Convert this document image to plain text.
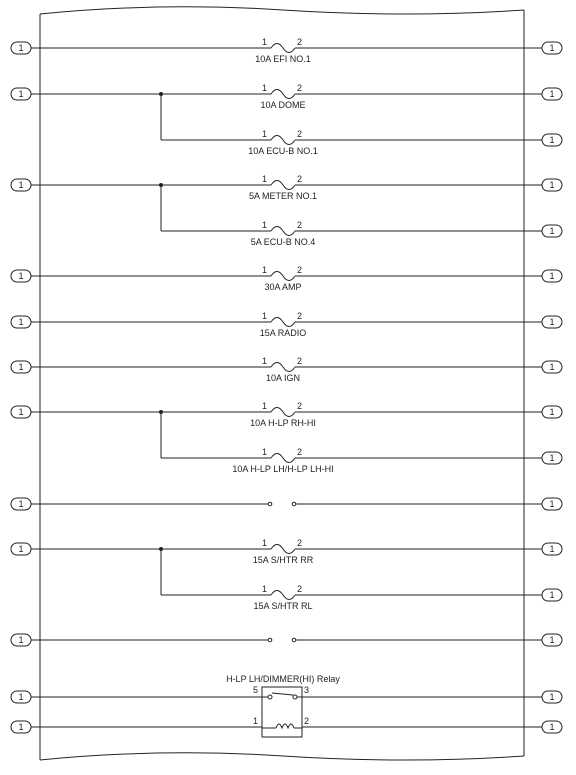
1	2
10A EFI NO.1
1	2
10A DOME
1	2
10A ECU-B NO.1
1	2
5A METER NO.1
1	2
5A ECU-B NO.4
1	2
30A AMP
1	2
15A RADIO
1	2
10A IGN
1	2
10A H-LP RH-HI
1	2
10A H-LP LH/H-LP LH-HI
1	2
15A S/HTR RR
1	2
15A S/HTR RL
H-LP LH/DIMMER(HI) Relay
5	3
1	2
1
1
1
1
1
1
1
1
1
1
1
1
1
1
1
1
1
1
1
1
1
1
1
1
1
1
1
1
